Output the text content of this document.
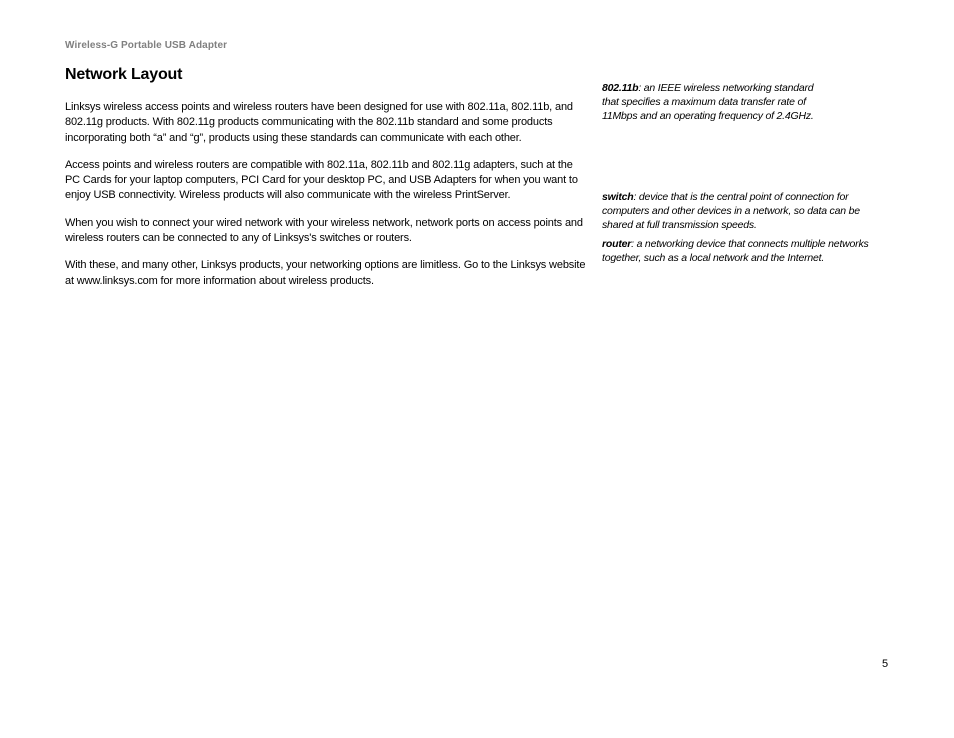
Wireless-G Portable USB Adapter
Network Layout

Linksys wireless access points and wireless routers have been designed for use with 802.11a, 802.11b, and 802.11g products. With 802.11g products communicating with the 802.11b standard and some products incorporating both “a” and “g”, products using these standards can communicate with each other.

Access points and wireless routers are compatible with 802.11a, 802.11b and 802.11g adapters, such at the PC Cards for your laptop computers, PCI Card for your desktop PC, and USB Adapters for when you want to enjoy USB connectivity. Wireless products will also communicate with the wireless PrintServer.

When you wish to connect your wired network with your wireless network, network ports on access points and wireless routers can be connected to any of Linksys's switches or routers.

With these, and many other, Linksys products, your networking options are limitless. Go to the Linksys website at www.linksys.com for more information about wireless products.

802.11b: an IEEE wireless networking standard that specifies a maximum data transfer rate of 11Mbps and an operating frequency of 2.4GHz.

switch: device that is the central point of connection for computers and other devices in a network, so data can be shared at full transmission speeds.

router: a networking device that connects multiple networks together, such as a local network and the Internet.

5
